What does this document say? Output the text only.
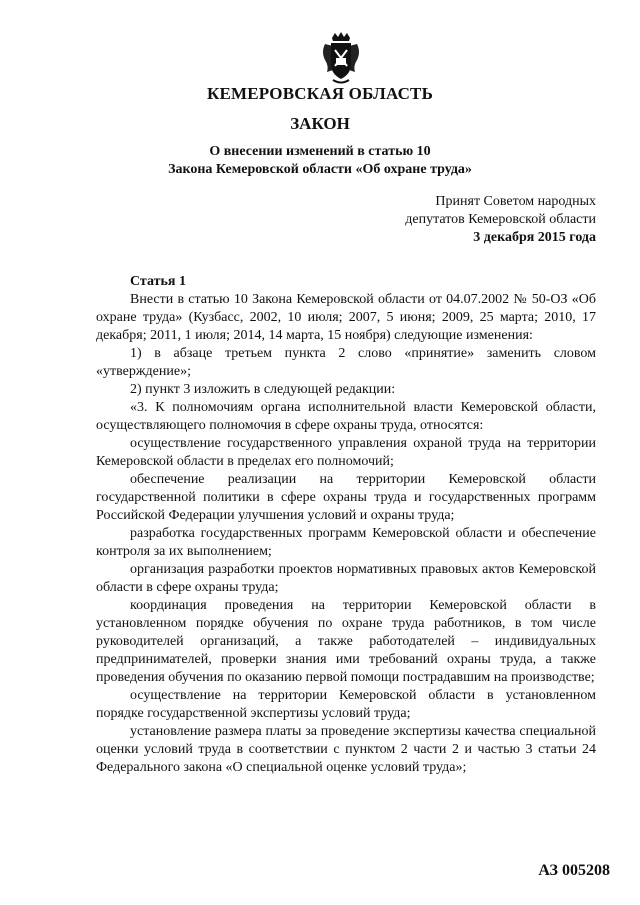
КЕМЕРОВСКАЯ ОБЛАСТЬ
ЗАКОН
О внесении изменений в статью 10
Закона Кемеровской области «Об охране труда»
Принят Советом народных
депутатов Кемеровской области
3 декабря 2015 года

Статья 1

Внести в статью 10 Закона Кемеровской области от 04.07.2002 № 50-ОЗ «Об охране труда» (Кузбасс, 2002, 10 июля; 2007, 5 июня; 2009, 25 марта; 2010, 17 декабря; 2011, 1 июля; 2014, 14 марта, 15 ноября) следующие изменения:

1) в абзаце третьем пункта 2 слово «принятие» заменить словом «утверждение»;

2) пункт 3 изложить в следующей редакции:

«3. К полномочиям органа исполнительной власти Кемеровской области, осуществляющего полномочия в сфере охраны труда, относятся:

осуществление государственного управления охраной труда на территории Кемеровской области в пределах его полномочий;

обеспечение реализации на территории Кемеровской области государственной политики в сфере охраны труда и государственных программ Российской Федерации улучшения условий и охраны труда;

разработка государственных программ Кемеровской области и обеспечение контроля за их выполнением;

организация разработки проектов нормативных правовых актов Кемеровской области в сфере охраны труда;

координация проведения на территории Кемеровской области в установленном порядке обучения по охране труда работников, в том числе руководителей организаций, а также работодателей – индивидуальных предпринимателей, проверки знания ими требований охраны труда, а также проведения обучения по оказанию первой помощи пострадавшим на производстве;

осуществление на территории Кемеровской области в установленном порядке государственной экспертизы условий труда;

установление размера платы за проведение экспертизы качества специальной оценки условий труда в соответствии с пунктом 2 части 2 и частью 3 статьи 24 Федерального закона «О специальной оценке условий труда»;

АЗ 005208
